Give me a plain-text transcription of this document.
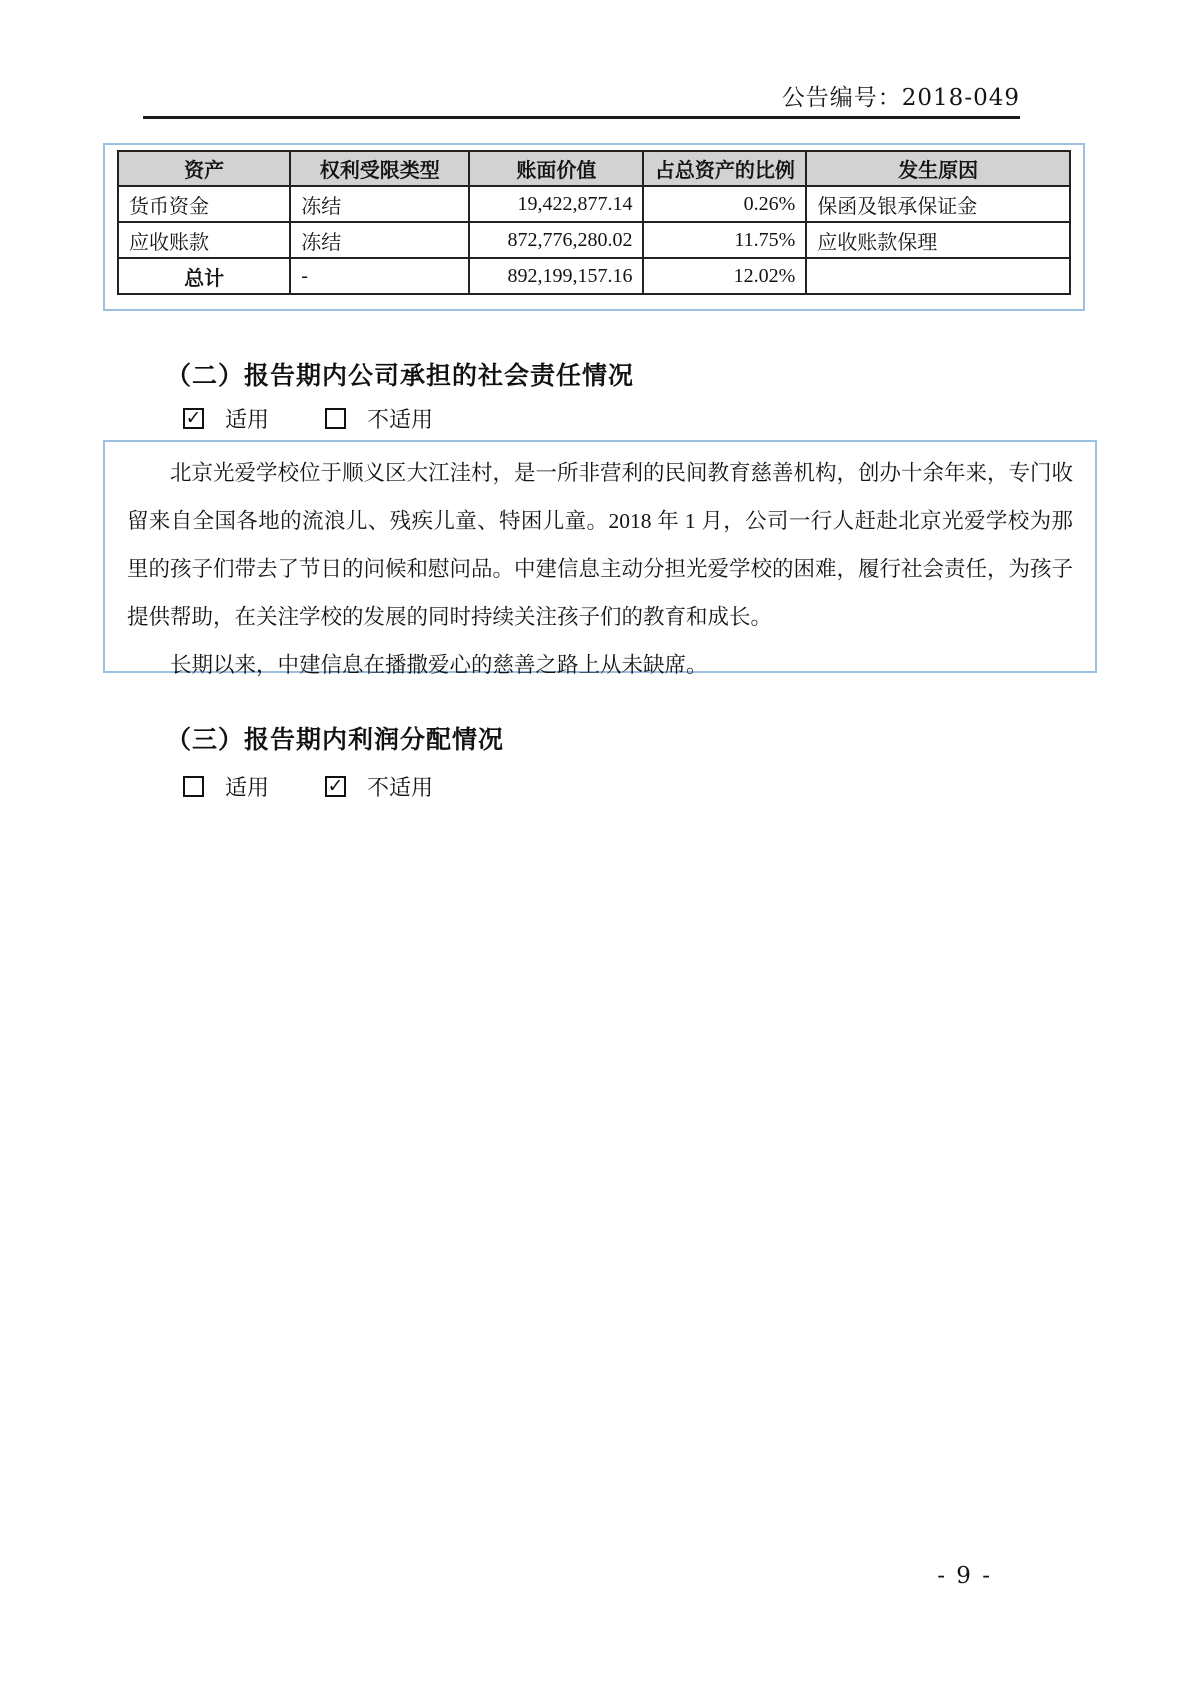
公告编号：2018-049
资产	权利受限类型	账面价值	占总资产的比例	发生原因
货币资金	冻结	19,422,877.14	0.26%	保函及银承保证金
应收账款	冻结	872,776,280.02	11.75%	应收账款保理
总计	-	892,199,157.16	12.02%	
（二）报告期内公司承担的社会责任情况
✓ 适用	不适用

北京光爱学校位于顺义区大江洼村，是一所非营利的民间教育慈善机构，创办十余年来，专门收留来自全国各地的流浪儿、残疾儿童、特困儿童。2018 年 1 月，公司一行人赶赴北京光爱学校为那里的孩子们带去了节日的问候和慰问品。中建信息主动分担光爱学校的困难，履行社会责任，为孩子提供帮助，在关注学校的发展的同时持续关注孩子们的教育和成长。

长期以来，中建信息在播撒爱心的慈善之路上从未缺席。

（三）报告期内利润分配情况
适用	✓ 不适用
- 9 -
